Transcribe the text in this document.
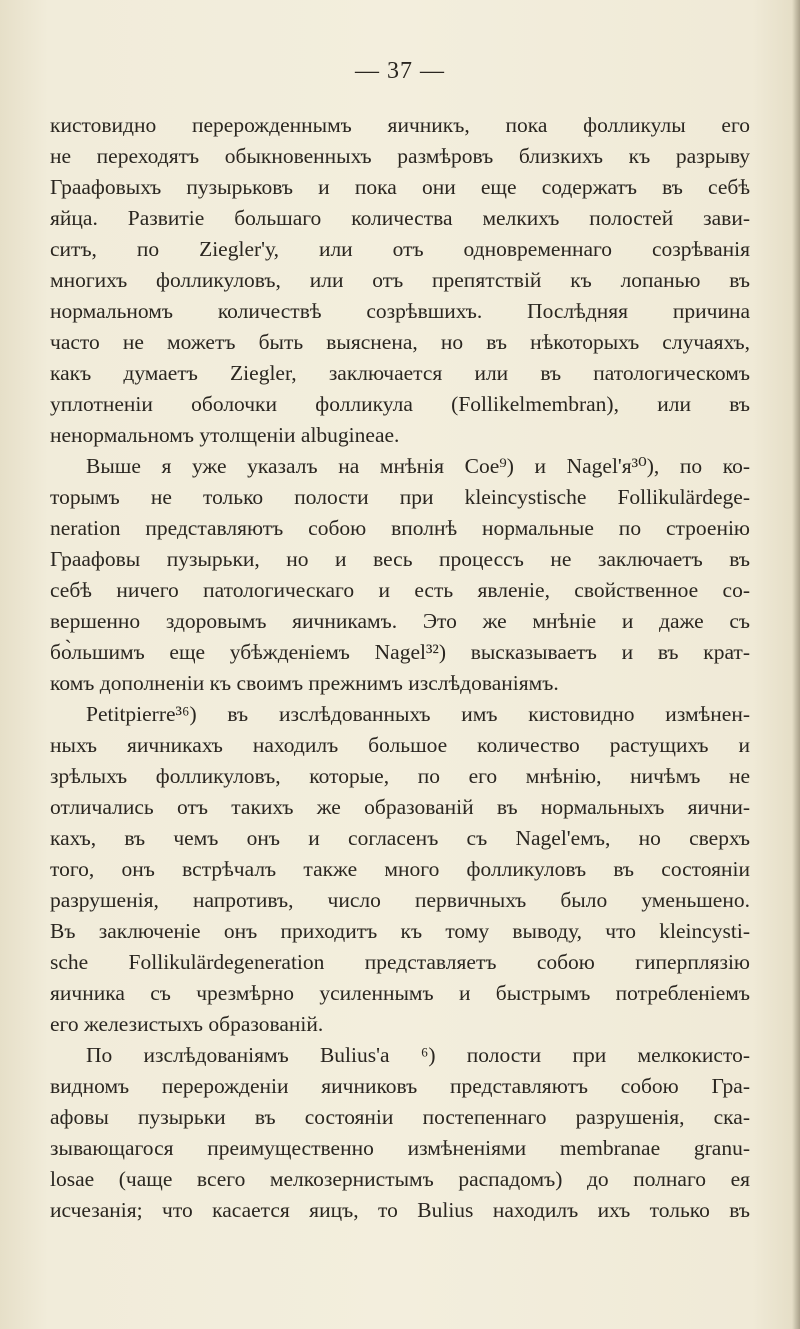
— 37 —
кистовидно перерожденнымъ яичникъ, пока фолликулы его
не переходятъ обыкновенныхъ размѣровъ близкихъ къ разрыву
Граафовыхъ пузырьковъ и пока они еще содержатъ въ себѣ
яйца. Развитіе большаго количества мелкихъ полостей зави-
ситъ, по Ziegler'у, или отъ одновременнаго созрѣванія
многихъ фолликуловъ, или отъ препятствій къ лопанью въ
нормальномъ количествѣ созрѣвшихъ. Послѣдняя причина
часто не можетъ быть выяснена, но въ нѣкоторыхъ случаяхъ,
какъ думаетъ Ziegler, заключается или въ патологическомъ
уплотненіи оболочки фолликула (Follikelmembran), или въ
ненормальномъ утолщеніи albugineae.
Выше я уже указалъ на мнѣнія Coe⁹) и Nagel'я³⁰), по ко-
торымъ не только полости при kleincystische Follikulärdege-
neration представляютъ собою вполнѣ нормальные по строенію
Граафовы пузырьки, но и весь процессъ не заключаетъ въ
себѣ ничего патологическаго и есть явленіе, свойственное со-
вершенно здоровымъ яичникамъ. Это же мнѣніе и даже съ
бо̀льшимъ еще убѣжденіемъ Nagel³²) высказываетъ и въ крат-
комъ дополненіи къ своимъ прежнимъ изслѣдованіямъ.
Petitpierre³⁶) въ изслѣдованныхъ имъ кистовидно измѣнен-
ныхъ яичникахъ находилъ большое количество растущихъ и
зрѣлыхъ фолликуловъ, которые, по его мнѣнію, ничѣмъ не
отличались отъ такихъ же образованій въ нормальныхъ яични-
кахъ, въ чемъ онъ и согласенъ съ Nagel'емъ, но сверхъ
того, онъ встрѣчалъ также много фолликуловъ въ состояніи
разрушенія, напротивъ, число первичныхъ было уменьшено.
Въ заключеніе онъ приходитъ къ тому выводу, что kleincysti-
sche Follikulärdegeneration представляетъ собою гиперплязію
яичника съ чрезмѣрно усиленнымъ и быстрымъ потребленіемъ
его железистыхъ образованій.
По изслѣдованіямъ Bulius'а ⁶) полости при мелкокисто-
видномъ перерожденіи яичниковъ представляютъ собою Гра-
афовы пузырьки въ состояніи постепеннаго разрушенія, ска-
зывающагося преимущественно измѣненіями membranae granu-
losae (чаще всего мелкозернистымъ распадомъ) до полнаго ея
исчезанія; что касается яицъ, то Bulius находилъ ихъ только въ
